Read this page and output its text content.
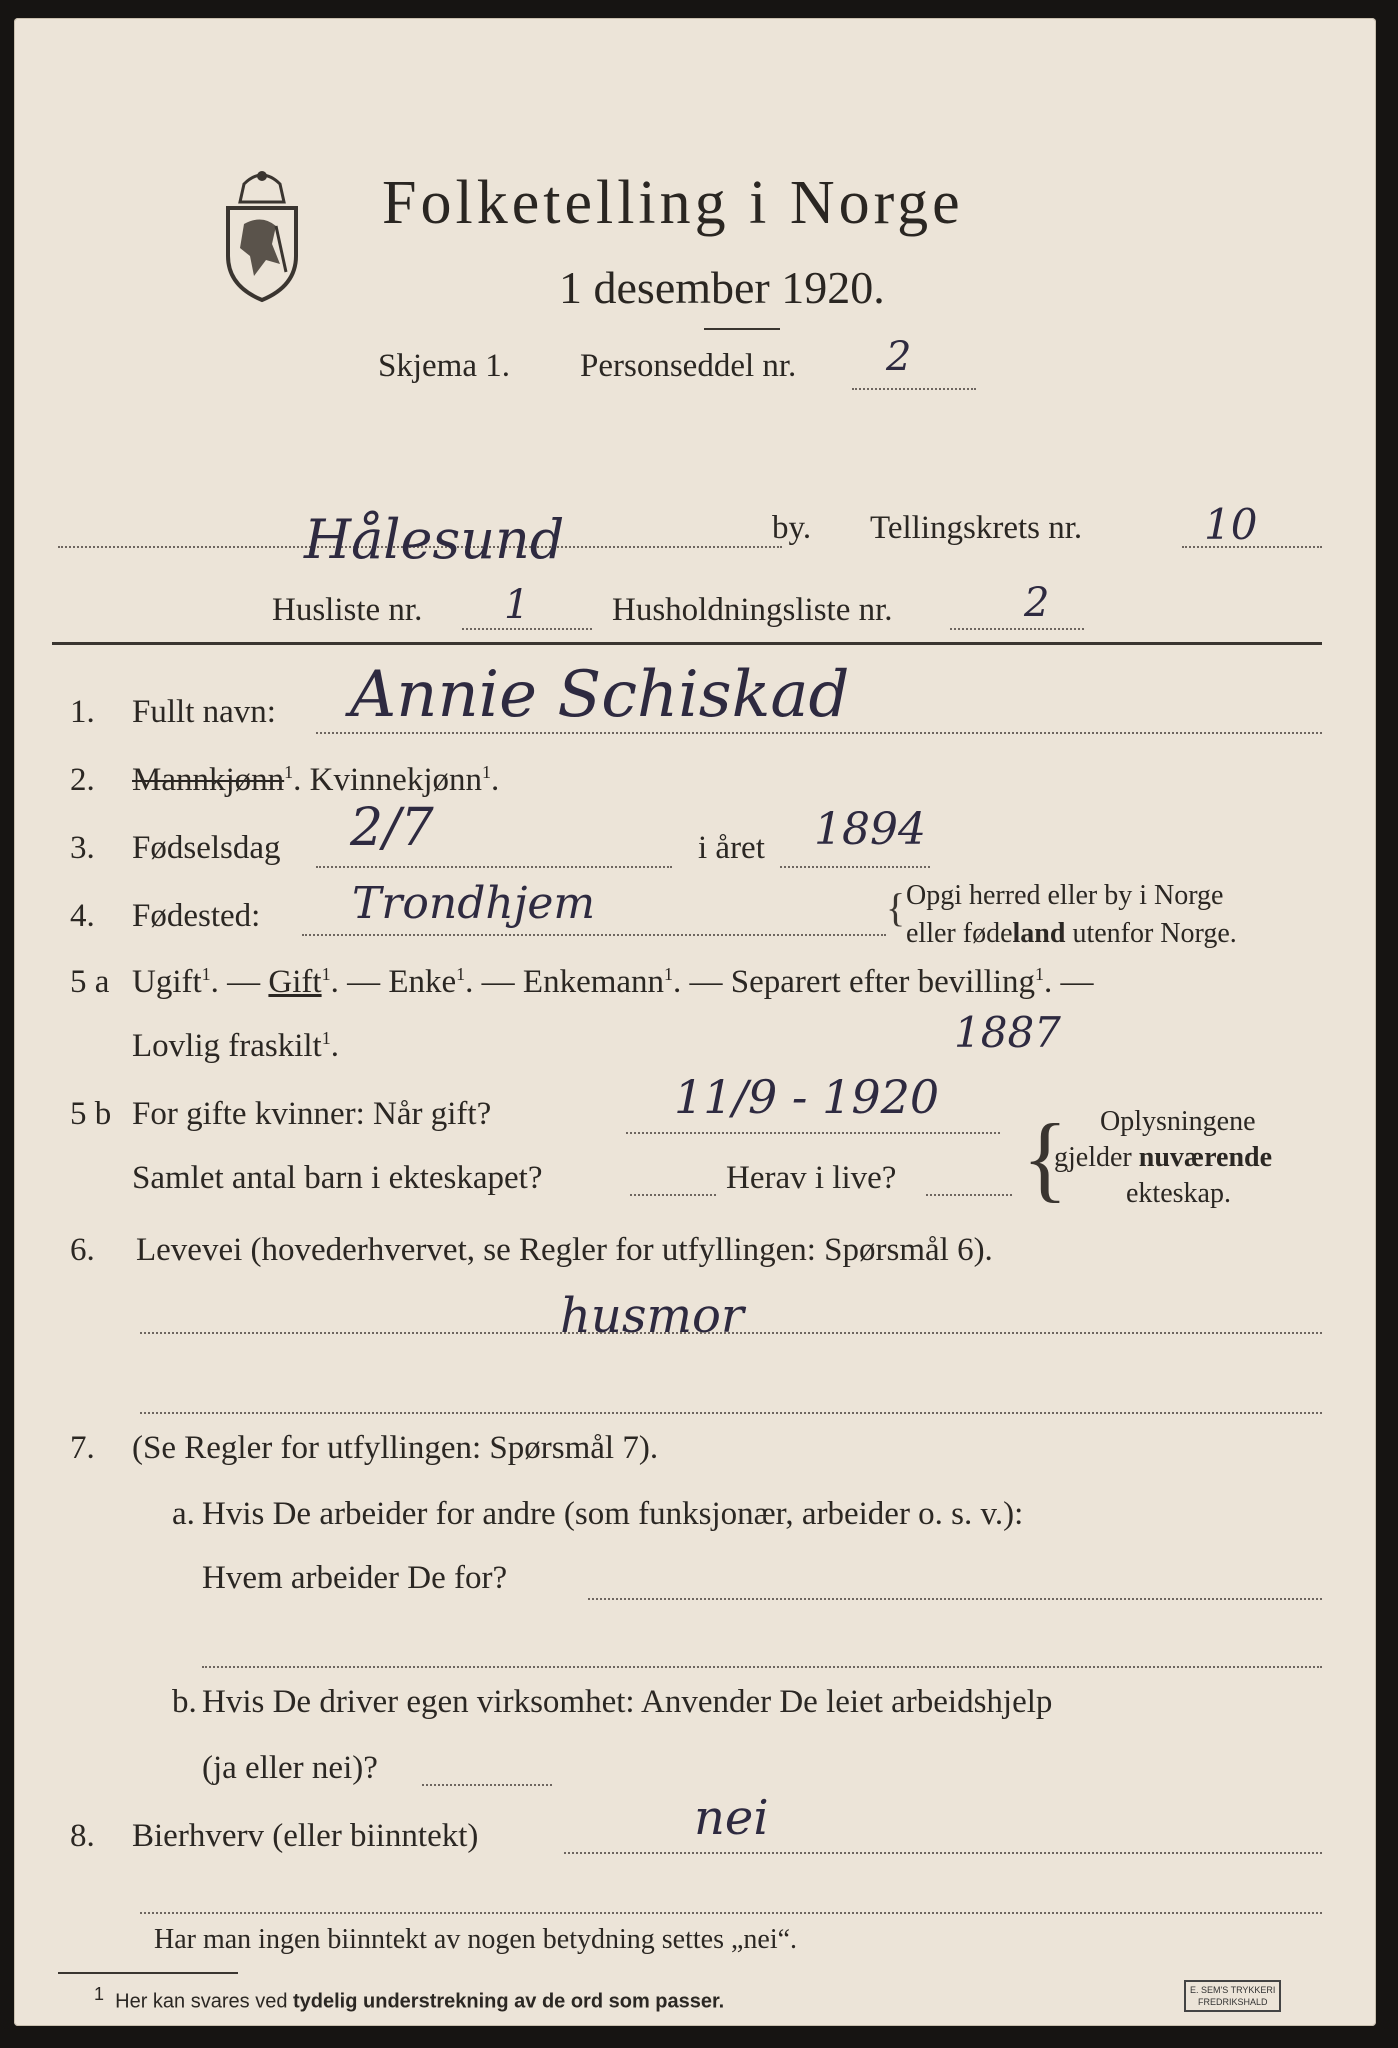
Folketelling i Norge
1 desember 1920.
Skjema 1. Personseddel nr. 2
Hålesund	by. Tellingskrets nr.	10
Husliste nr. 1	Husholdningsliste nr.	2
1. Fullt navn: Annie Schiskad
2. Mannkjønn$^1$. Kvinnekjønn$^1$.
3. Fødselsdag 2/7	i året 1894
4. Fødested: Trondhjem	{ Opgi herred eller by i Norge
eller fødeland utenfor Norge.
5 a Ugift$^1$. — Gift$^1$. — Enke$^1$. — Enkemann$^1$. — Separert efter bevilling$^1$. —
Lovlig fraskilt$^1$.	1887
5 b For gifte kvinner: Når gift?	11/9 - 1920
Samlet antal barn i ekteskapet?	Herav i live? { Oplysningene
gjelder nuværende
ekteskap.
6. Levevei (hovederhvervet, se Regler for utfyllingen: Spørsmål 6).
husmor
7. (Se Regler for utfyllingen: Spørsmål 7).
a. Hvis De arbeider for andre (som funksjonær, arbeider o. s. v.):
Hvem arbeider De for?
b. Hvis De driver egen virksomhet: Anvender De leiet arbeidshjelp
(ja eller nei)?
8. Bierhverv (eller biinntekt)	nei
Har man ingen biinntekt av nogen betydning settes „nei“.
$^1$ Her kan svares ved tydelig understrekning av de ord som passer.
E. SEM'S TRYKKERI
FREDRIKSHALD
